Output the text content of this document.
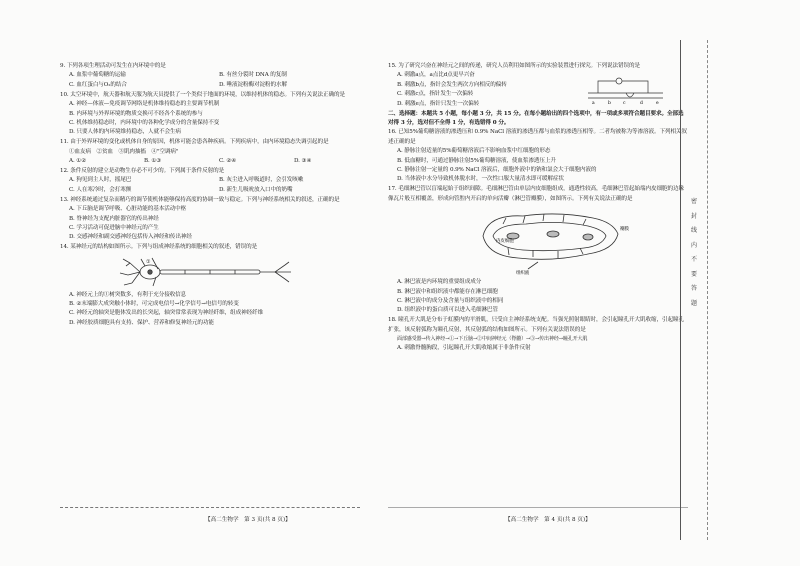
9. 下列各项生理活动可发生在内环境中的是
A. 血浆中葡萄糖的运输	B. 有丝分裂时 DNA 的复制
C. 血红蛋白与O₂的结合	D. 唾液淀粉酶对淀粉的水解
10. 太空环境中，航天器和航天服为航天员提供了一个类似于地面的环境，以维持机体的稳态。下列有关说法正确的是
A. 神经—体液—免疫调节网络是机体维持稳态的主要调节机制
B. 内环境与外界环境的物质交换可不经各个系统的参与
C. 机体维持稳态时，内环境中的各种化学成分的含量保持不变
D. 只要人体的内环境维持稳态，人就不会生病
11. 由于外界环境的变化或机体自身的原因，机体可能会患各种疾病。下列疾病中，由内环境稳态失调引起的是
①血友病　②贫血　③肌肉抽搐　④"空调病"
A. ①②	B. ①③	C. ②④	D. ③④
12. 条件反射的建立是动物生存必不可少的。下列属于条件反射的是
A. 狗见到主人时，摇尾巴	B. 灰尘进入呼吸道时，会引发咳嗽
C. 人在寒冷时，会打寒颤	D. 新生儿吸吮放入口中的奶嘴
13. 神经系统通过复杂而精巧的调节使机体能够保持高度的协调一致与稳定。下列与神经系统相关的叙述，正确的是
A. 下丘脑是调节呼吸、心脏功能的基本活动中枢
B. 脊神经为支配内脏器官的传出神经
C. 学习活动可促进脑中神经元的产生
D. 交感神经和副交感神经包括传入神经和传出神经
14. 某神经元的结构如图所示。下列与组成神经系统的细胞相关的叙述，错误的是
①
A. 神经元上的①树突数多，有利于充分接收信息
B. ②末端膨大成突触小体时，可完成电信号→化学信号→电信号的转变
C. 神经元的轴突是胞体发出的长突起，轴突常常表现为神经纤维，组成神经纤维
D. 神经胶质细胞具有支持、保护、营养和修复神经元的功能
【高二生物学　第 3 页(共 8 页)】
15. 为了研究兴奋在神经元之间的传递，研究人员利用如图所示的实验装置进行探究。下列说法错误的是
A. 刺激a点，a点比d点更早兴奋
B. 刺激b点，指针会发生两次方向相反的偏转
C. 刺激c点，指针发生一次偏转
D. 刺激e点，指针只发生一次偏转	a	b	c	d	e
二、选择题：本题共 5 小题，每小题 3 分，共 15 分。在每小题给出的四个选项中，有一项或多项符合题目要求。全部选对得 3 分，选对但不全得 1 分，有选错得 0 分。
16. 已知5%葡萄糖溶液的渗透压和 0.9% NaCl 溶液的渗透压都与血浆的渗透压相等。二者均被称为等渗溶液。下列相关叙述正确的是
A. 静脉注射适量的5%葡萄糖溶液后不影响血浆中红细胞的形态
B. 低血糖时，可通过静脉注射5%葡萄糖溶液，使血浆渗透压上升
C. 静脉注射一定量的 0.9% NaCl 溶液后，细胞外液中的钠和氯会大于细胞内液的
D. 当体液中水分导致机体脱水时，一次性口服大量清水即可缓解症状
17. 毛细淋巴管以盲端起始于组织间隙。毛细淋巴管由单层内皮细胞组成，通透性较高，毛细淋巴管起始端内皮细胞的边缘像瓦片般互相覆盖，形成向管腔内开启的单向活瓣（淋巴管瓣膜），如图所示。下列有关说法正确的是
内皮细胞
瓣膜
组织液
A. 淋巴液是内环境的重要组成成分
B. 淋巴液中和组织液中都能存在淋巴细胞
C. 淋巴液中的成分及含量与组织液中的相同
D. 组织液中的蛋白质可以进入毛细淋巴管
18. 瞳孔开大肌是分布于虹膜内的平滑肌，只受自主神经系统支配。当强光照射眼睛时，会引起瞳孔开大肌收缩，引起瞳孔扩张，该反射弧称为瞳孔反射，其反射弧的结构如图所示。下列有关说法错误的是
面部感受器→传入神经→①→下丘脑→②中间神经元（脊髓）→③→传出神经→瞳孔开大肌
A. 刺激脊髓胸段，引起瞳孔开大肌收缩属于非条件反射
【高二生物学　第 4 页(共 8 页)】
密
封
线
内
不
要
答
题
